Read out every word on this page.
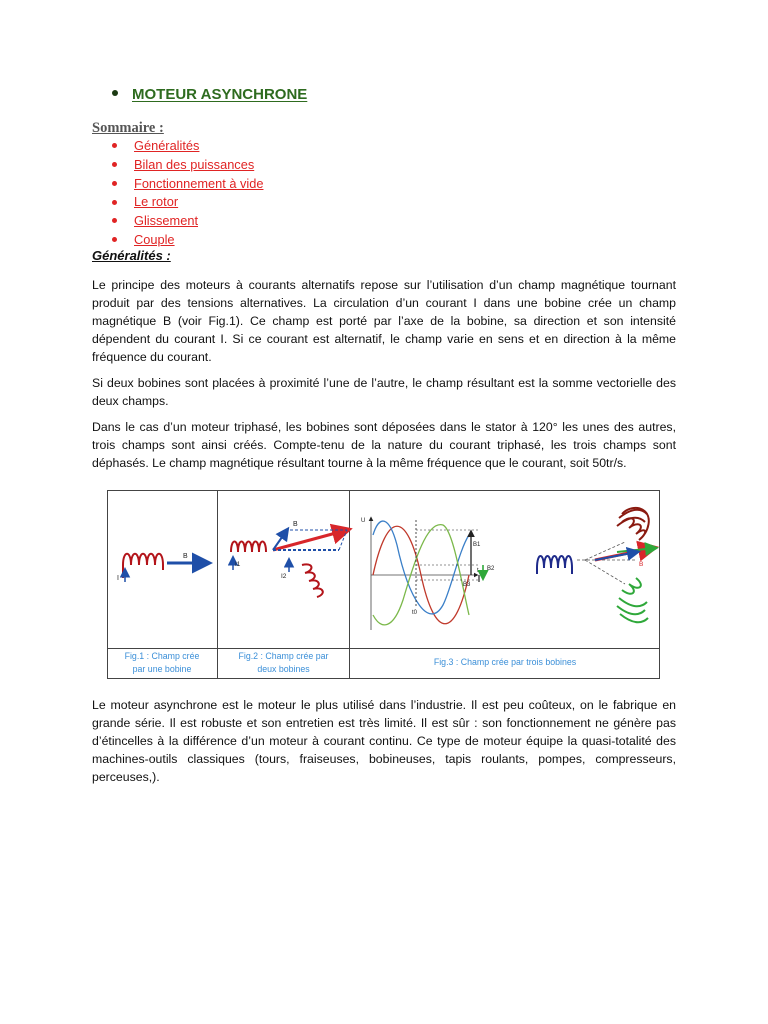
MOTEUR ASYNCHRONE
Sommaire :
Généralités
Bilan des puissances
Fonctionnement à vide
Le rotor
Glissement
Couple
Généralités :

Le principe des moteurs à courants alternatifs repose sur l’utilisation d’un champ magnétique tournant produit par des tensions alternatives. La circulation d’un courant I dans une bobine crée un champ magnétique B (voir Fig.1). Ce champ est porté par l’axe de la bobine, sa direction et son intensité dépendent du courant I. Si ce courant est alternatif, le champ varie en sens et en direction à la même fréquence du courant.

Si deux bobines sont placées à proximité l’une de l’autre, le champ résultant est la somme vectorielle des deux champs.

Dans le cas d’un moteur triphasé, les bobines sont déposées dans le stator à 120° les unes des autres, trois champs sont ainsi créés. Compte-tenu de la nature du courant triphasé, les trois champs sont déphasés. Le champ magnétique résultant tourne à la même fréquence que le courant, soit 50tr/s.

I
B
I1
I2
B	U
t
t0
B1
B2
B3
B
Fig.1 : Champ crée
par une bobine
Fig.2 : Champ crée par
deux bobines
Fig.3 : Champ crée par trois bobines

Le moteur asynchrone est le moteur le plus utilisé dans l’industrie. Il est peu coûteux, on le fabrique en grande série. Il est robuste et son entretien est très limité. Il est sûr : son fonctionnement ne génère pas d’étincelles à la différence d’un moteur à courant continu. Ce type de moteur équipe la quasi-totalité des machines-outils classiques (tours, fraiseuses, bobineuses, tapis roulants, pompes, compresseurs, perceuses,).
